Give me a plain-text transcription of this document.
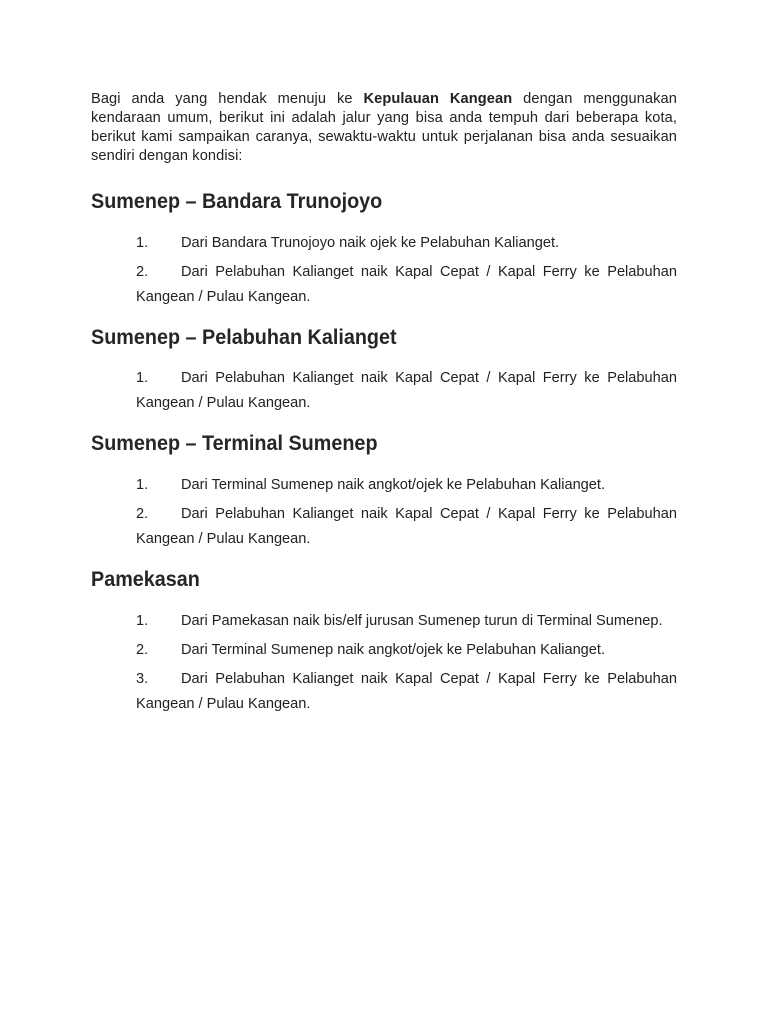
Bagi anda yang hendak menuju ke Kepulauan Kangean dengan menggunakan kendaraan umum, berikut ini adalah jalur yang bisa anda tempuh dari beberapa kota, berikut kami sampaikan caranya, sewaktu-waktu untuk perjalanan bisa anda sesuaikan sendiri dengan kondisi:

Sumenep – Bandara Trunojoyo
1. Dari Bandara Trunojoyo naik ojek ke Pelabuhan Kalianget.
2. Dari Pelabuhan Kalianget naik Kapal Cepat / Kapal Ferry ke Pelabuhan Kangean / Pulau Kangean.
Sumenep – Pelabuhan Kalianget
1. Dari Pelabuhan Kalianget naik Kapal Cepat / Kapal Ferry ke Pelabuhan Kangean / Pulau Kangean.
Sumenep – Terminal Sumenep
1. Dari Terminal Sumenep naik angkot/ojek ke Pelabuhan Kalianget.
2. Dari Pelabuhan Kalianget naik Kapal Cepat / Kapal Ferry ke Pelabuhan Kangean / Pulau Kangean.
Pamekasan
1. Dari Pamekasan naik bis/elf jurusan Sumenep turun di Terminal Sumenep.
2. Dari Terminal Sumenep naik angkot/ojek ke Pelabuhan Kalianget.
3. Dari Pelabuhan Kalianget naik Kapal Cepat / Kapal Ferry ke Pelabuhan Kangean / Pulau Kangean.
